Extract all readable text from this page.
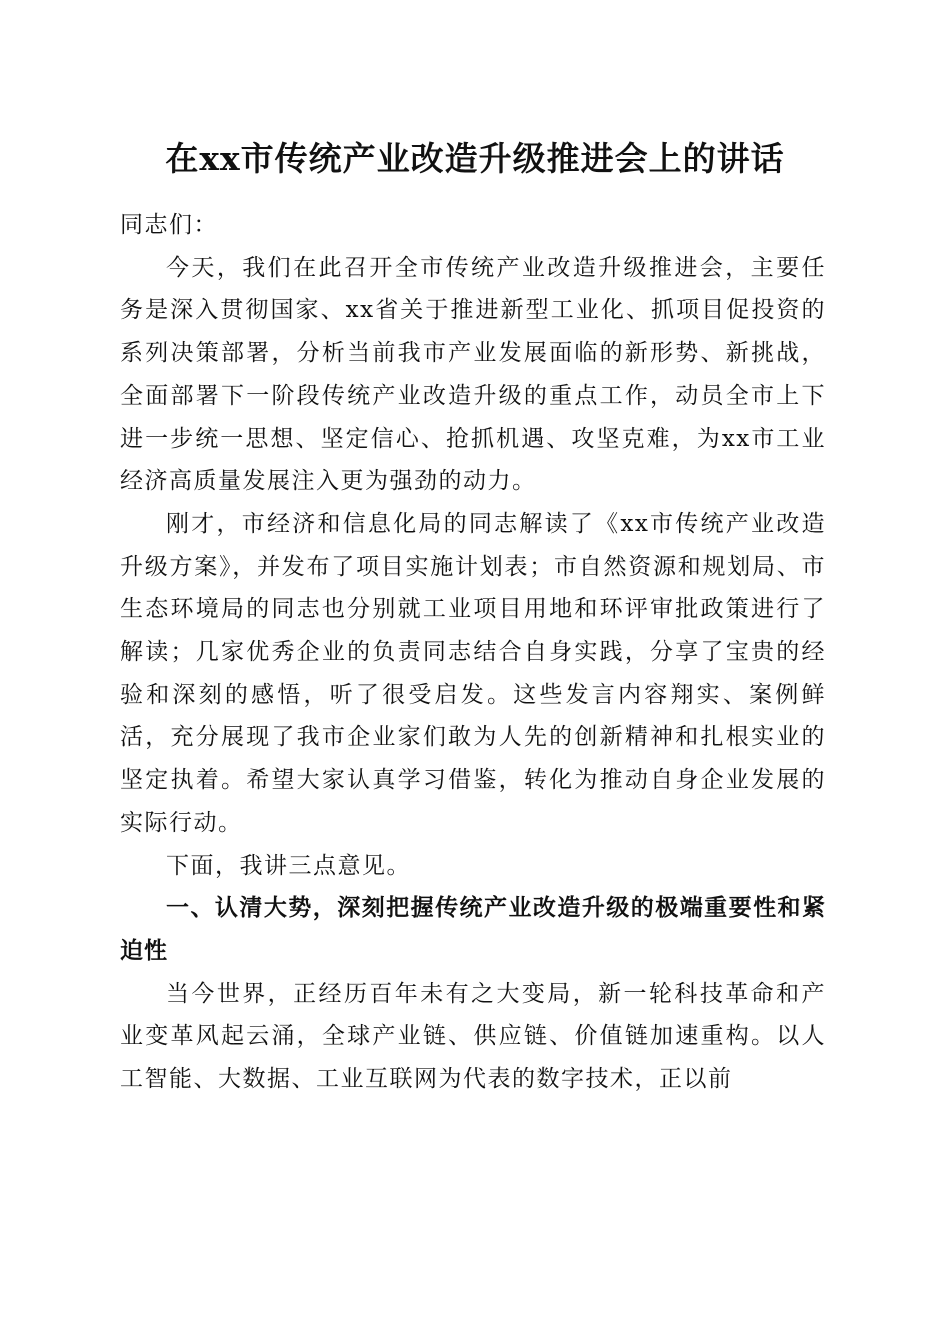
在xx市传统产业改造升级推进会上的讲话

同志们：

今天，我们在此召开全市传统产业改造升级推进会，主要任务是深入贯彻国家、xx省关于推进新型工业化、抓项目促投资的系列决策部署，分析当前我市产业发展面临的新形势、新挑战，全面部署下一阶段传统产业改造升级的重点工作，动员全市上下进一步统一思想、坚定信心、抢抓机遇、攻坚克难，为xx市工业经济高质量发展注入更为强劲的动力。

刚才，市经济和信息化局的同志解读了《xx市传统产业改造升级方案》，并发布了项目实施计划表；市自然资源和规划局、市生态环境局的同志也分别就工业项目用地和环评审批政策进行了解读；几家优秀企业的负责同志结合自身实践，分享了宝贵的经验和深刻的感悟，听了很受启发。这些发言内容翔实、案例鲜活，充分展现了我市企业家们敢为人先的创新精神和扎根实业的坚定执着。希望大家认真学习借鉴，转化为推动自身企业发展的实际行动。

下面，我讲三点意见。

一、认清大势，深刻把握传统产业改造升级的极端重要性和紧迫性

当今世界，正经历百年未有之大变局，新一轮科技革命和产业变革风起云涌，全球产业链、供应链、价值链加速重构。以人工智能、大数据、工业互联网为代表的数字技术，正以前
